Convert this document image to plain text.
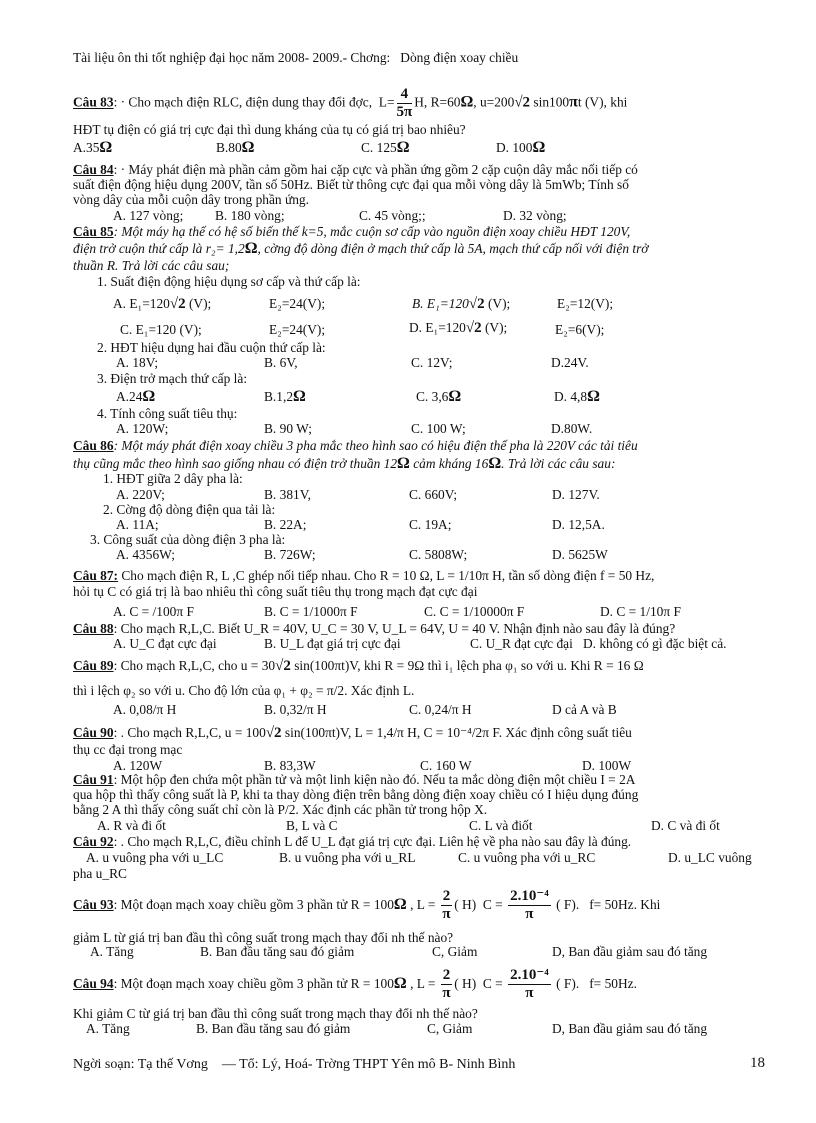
Tài liệu ôn thi tốt nghiệp đại học năm 2008- 2009.- Chơng: Dòng điện xoay chiều
Câu 83: · Cho mạch điện RLC, điện dung thay đổi đợc, $L= \frac{4}{5\pi} H$, R=60Ω, u=200√2 sin100πt (V), khi
HĐT tụ điện có giá trị cực đại thì dung kháng của tụ có giá trị bao nhiêu?
A.35Ω	B.80Ω	C. 125Ω	D. 100Ω
Câu 84: · Máy phát điện mà phần cảm gồm hai cặp cực và phần ứng gồm 2 cặp cuộn dây mắc nối tiếp có
suất điện động hiệu dụng 200V, tần số 50Hz. Biết từ thông cực đại qua mỗi vòng dây là 5mWb; Tính số
vòng dây của mỗi cuộn dây trong phần ứng.
A. 127 vòng; B. 180 vòng;	C. 45 vòng;;	D. 32 vòng;
Câu 85: Một máy hạ thế có hệ số biến thế k=5, mắc cuộn sơ cấp vào nguồn điện xoay chiều HĐT 120V,
điện trở cuộn thứ cấp là r₂= 1,2Ω, cờng độ dòng điện ở mạch thứ cấp là 5A, mạch thứ cấp nối với điện trở
thuần R. Trả lời các câu sau;
1. Suất điện động hiệu dụng sơ cấp và thứ cấp là:
A. E₁=120√2 (V);	E₂=24(V);	B. E₁=120√2 (V);	E₂=12(V);
C. E₁=120 (V);	E₂=24(V);	D. E₁=120√2 (V);	E₂=6(V);
2. HĐT hiệu dụng hai đầu cuộn thứ cấp là:
A. 18V;	B. 6V,	C. 12V;	D.24V.
3. Điện trở mạch thứ cấp là:
A.24Ω	B.1,2Ω	C. 3,6Ω	D. 4,8Ω
4. Tính công suất tiêu thụ:
A. 120W;	B. 90 W;	C. 100 W;	D.80W.
Câu 86: Một máy phát điện xoay chiều 3 pha mắc theo hình sao có hiệu điện thế pha là 220V các tải tiêu
thụ cũng mắc theo hình sao giống nhau có điện trở thuần 12Ω cảm kháng 16Ω. Trả lời các câu sau:
1. HĐT giữa 2 dây pha là:
A. 220V;	B. 381V,	C. 660V;	D. 127V.
2. Cờng độ dòng điện qua tải là:
A. 11A;	B. 22A;	C. 19A;	D. 12,5A.
3. Công suất của dòng điện 3 pha là:
A. 4356W;	B. 726W;	C. 5808W;	D. 5625W
Câu 87: Cho mạch điện R, L ,C ghép nối tiếp nhau. Cho R = 10 Ω, L = 1/10π H, tần số dòng điện f = 50 Hz,
hỏi tụ C có giá trị là bao nhiêu thì công suất tiêu thụ trong mạch đạt cực đại
A. C = /100π F	B. C = 1/1000π F	C. C = 1/10000π F	D. C = 1/10π F
Câu 88: Cho mạch R,L,C. Biết U_R = 40V, U_C = 30 V, U_L = 64V, U = 40 V. Nhận định nào sau đây là đúng?
A. U_C đạt cực đại	B. U_L đạt giá trị cực đại	C. U_R đạt cực đại D. không có gì đặc biệt cả.
Câu 89: Cho mạch R,L,C, cho u = 30√2 sin(100πt)V, khi R = 9Ω thì i₁ lệch pha φ₁ so với u. Khi R = 16 Ω
thì i lệch φ₂ so với u. Cho độ lớn của φ₁ + φ₂ = π/2. Xác định L.
A. 0,08/π H	B. 0,32/π H	C. 0,24/π H	D cả A và B
Câu 90: . Cho mạch R,L,C, u = 100√2 sin(100πt)V, L = 1,4/π H, C = 10⁻⁴/2π F. Xác định công suất tiêu
thụ cc đại trong mạc
A. 120W	B. 83,3W	C. 160 W	D. 100W
Câu 91: Một hộp đen chứa một phần tử và một linh kiện nào đó. Nếu ta mắc dòng điện một chiều I = 2A
qua hộp thì thấy công suất là P, khi ta thay dòng điện trên bằng dòng điện xoay chiều có I hiệu dụng đúng
bằng 2 A thì thấy công suất chỉ còn là P/2. Xác định các phần tử trong hộp X.
A. R và đi ốt	B, L và C	C. L và điốt	D. C và đi ốt
Câu 92: . Cho mạch R,L,C, điều chỉnh L để U_L đạt giá trị cực đại. Liên hệ về pha nào sau đây là đúng.
A. u vuông pha với u_LC	B. u vuông pha với u_RL	C. u vuông pha với u_RC	D. u_LC vuông
pha u_RC
Câu 93: Một đoạn mạch xoay chiều gồm 3 phần tử R = 100Ω , $L = \frac{2}{\pi}$ ( H) $C = \frac{\text{2.10⁻⁴}}{\pi}$ ( F). f= 50Hz. Khi
giảm L từ giá trị ban đầu thì công suất trong mạch thay đổi nh thế nào?
A. Tăng	B. Ban đầu tăng sau đó giảm	C, Giảm	D, Ban đầu giảm sau đó tăng
Câu 94: Một đoạn mạch xoay chiều gồm 3 phần tử R = 100Ω , $L = \frac{2}{\pi}$ ( H) $C = \frac{\text{2.10⁻⁴}}{\pi}$ ( F). f= 50Hz.
Khi giảm C từ giá trị ban đầu thì công suất trong mạch thay đổi nh thế nào?
A. Tăng	B. Ban đầu tăng sau đó giảm	C, Giảm	D, Ban đầu giảm sau đó tăng
Ngời soạn: Tạ thế Vơng — Tổ: Lý, Hoá- Trờng THPT Yên mô B- Ninh Bình	18
